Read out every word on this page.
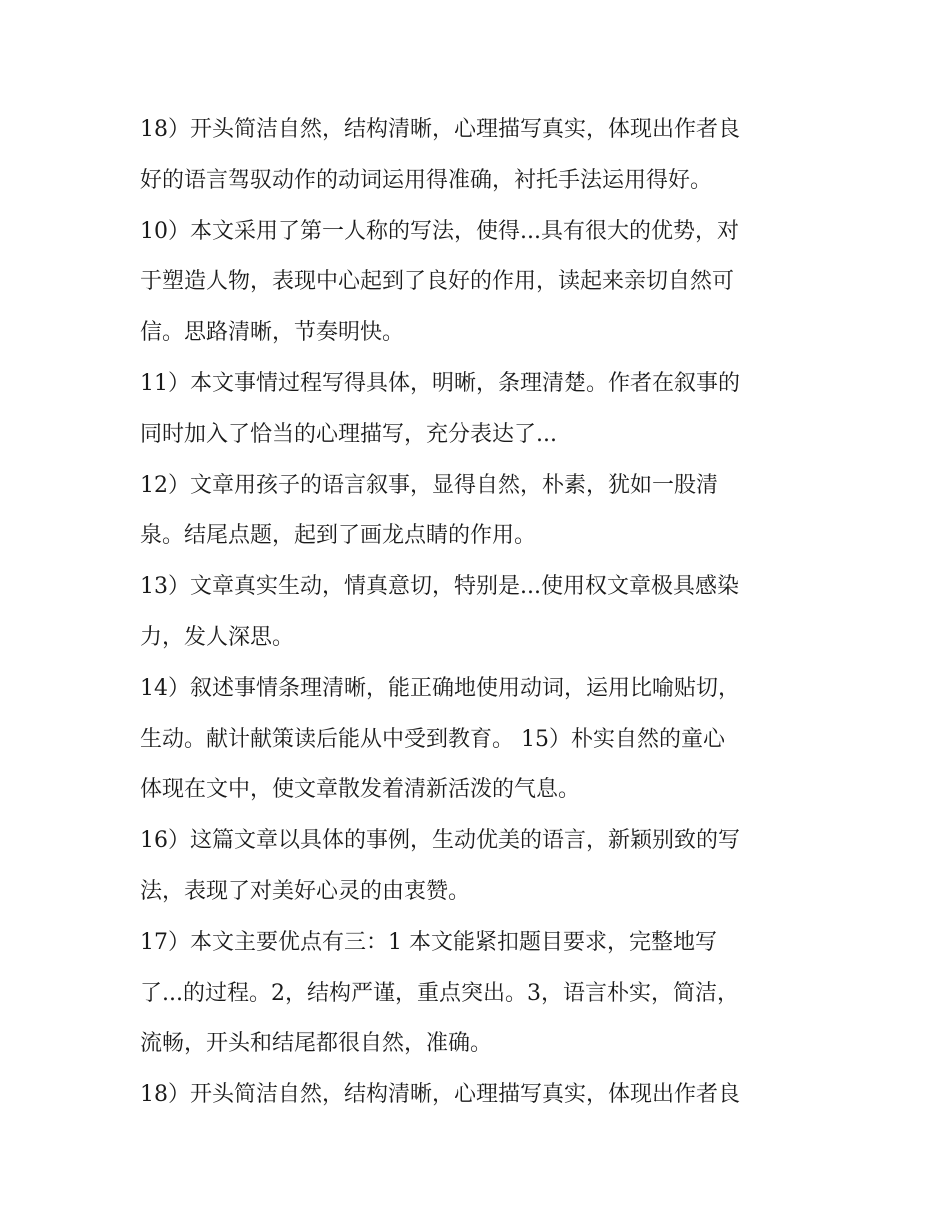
18）开头简洁自然，结构清晰，心理描写真实，体现出作者良
好的语言驾驭动作的动词运用得准确，衬托手法运用得好。
10）本文采用了第一人称的写法，使得...具有很大的优势，对
于塑造人物，表现中心起到了良好的作用，读起来亲切自然可
信。思路清晰，节奏明快。
11）本文事情过程写得具体，明晰，条理清楚。作者在叙事的
同时加入了恰当的心理描写，充分表达了...
12）文章用孩子的语言叙事，显得自然，朴素，犹如一股清
泉。结尾点题，起到了画龙点睛的作用。
13）文章真实生动，情真意切，特别是...使用权文章极具感染
力，发人深思。
14）叙述事情条理清晰，能正确地使用动词，运用比喻贴切，
生动。献计献策读后能从中受到教育。 15）朴实自然的童心
体现在文中，使文章散发着清新活泼的气息。
16）这篇文章以具体的事例，生动优美的语言，新颖别致的写
法，表现了对美好心灵的由衷赞。
17）本文主要优点有三：1 本文能紧扣题目要求，完整地写
了...的过程。2，结构严谨，重点突出。3，语言朴实，简洁，
流畅，开头和结尾都很自然，准确。
18）开头简洁自然，结构清晰，心理描写真实，体现出作者良
